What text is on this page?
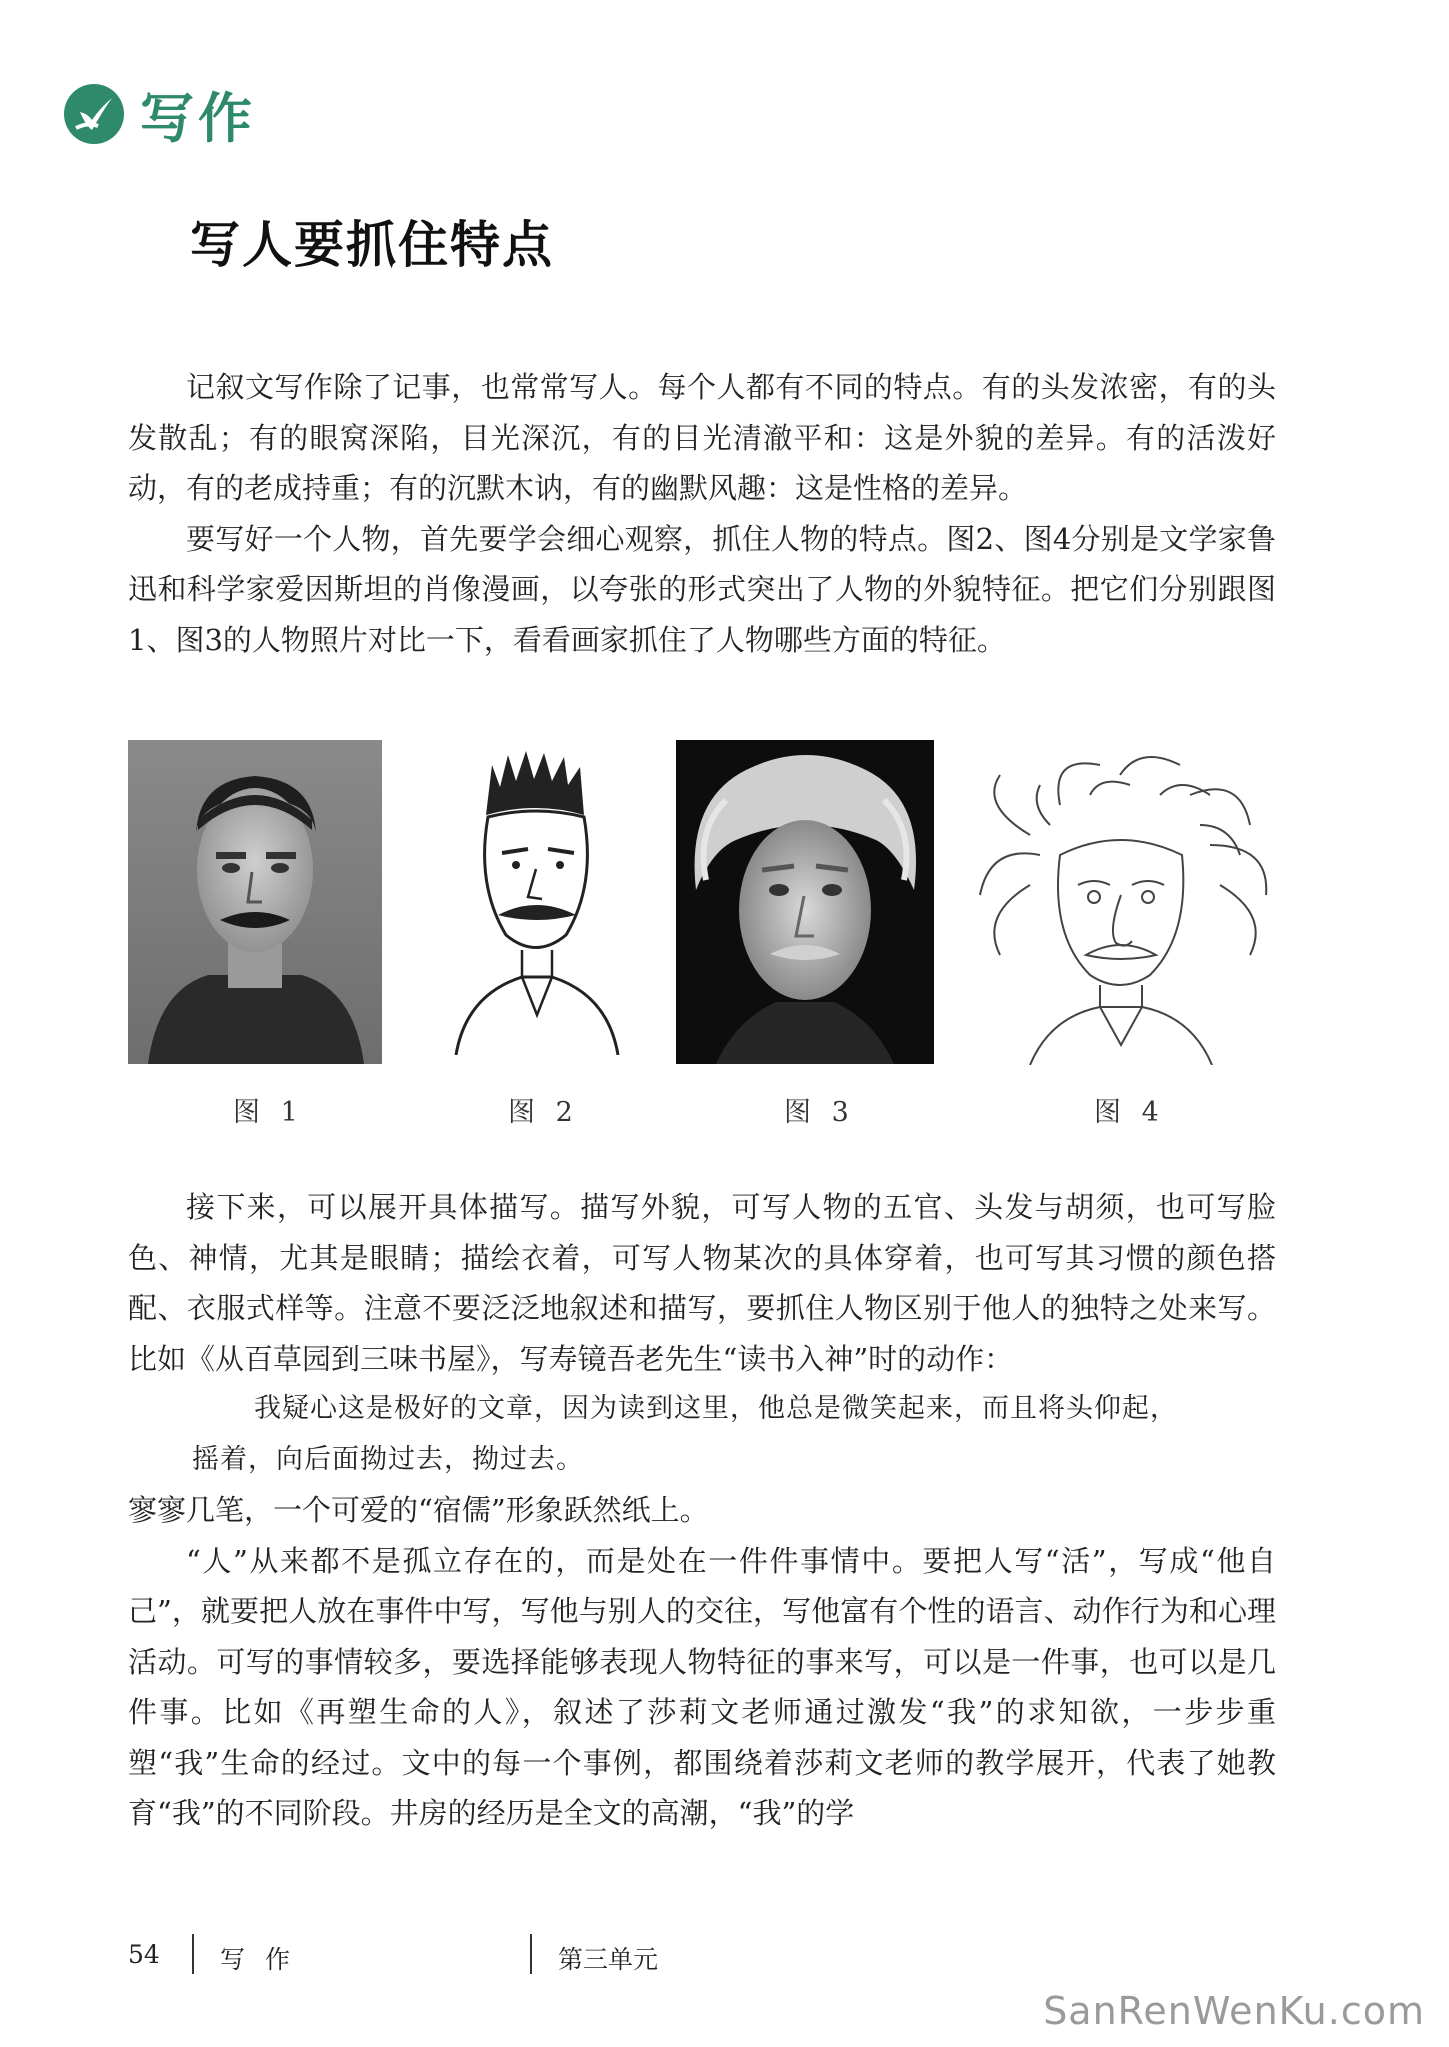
写作
写人要抓住特点

记叙文写作除了记事，也常常写人。每个人都有不同的特点。有的头发浓密，有的头发散乱；有的眼窝深陷，目光深沉，有的目光清澈平和：这是外貌的差异。有的活泼好动，有的老成持重；有的沉默木讷，有的幽默风趣：这是性格的差异。

要写好一个人物，首先要学会细心观察，抓住人物的特点。图2、图4分别是文学家鲁迅和科学家爱因斯坦的肖像漫画，以夸张的形式突出了人物的外貌特征。把它们分别跟图1、图3的人物照片对比一下，看看画家抓住了人物哪些方面的特征。

图 1	图 2	图 3	图 4

接下来，可以展开具体描写。描写外貌，可写人物的五官、头发与胡须，也可写脸色、神情，尤其是眼睛；描绘衣着，可写人物某次的具体穿着，也可写其习惯的颜色搭配、衣服式样等。注意不要泛泛地叙述和描写，要抓住人物区别于他人的独特之处来写。比如《从百草园到三味书屋》，写寿镜吾老先生“读书入神”时的动作：

我疑心这是极好的文章，因为读到这里，他总是微笑起来，而且将头仰起，
摇着，向后面拗过去，拗过去。

寥寥几笔，一个可爱的“宿儒”形象跃然纸上。

“人”从来都不是孤立存在的，而是处在一件件事情中。要把人写“活”，写成“他自己”，就要把人放在事件中写，写他与别人的交往，写他富有个性的语言、动作行为和心理活动。可写的事情较多，要选择能够表现人物特征的事来写，可以是一件事，也可以是几件事。比如《再塑生命的人》，叙述了莎莉文老师通过激发“我”的求知欲，一步步重塑“我”生命的经过。文中的每一个事例，都围绕着莎莉文老师的教学展开，代表了她教育“我”的不同阶段。井房的经历是全文的高潮，“我”的学

54 写 作	第三单元
SanRenWenKu.com
